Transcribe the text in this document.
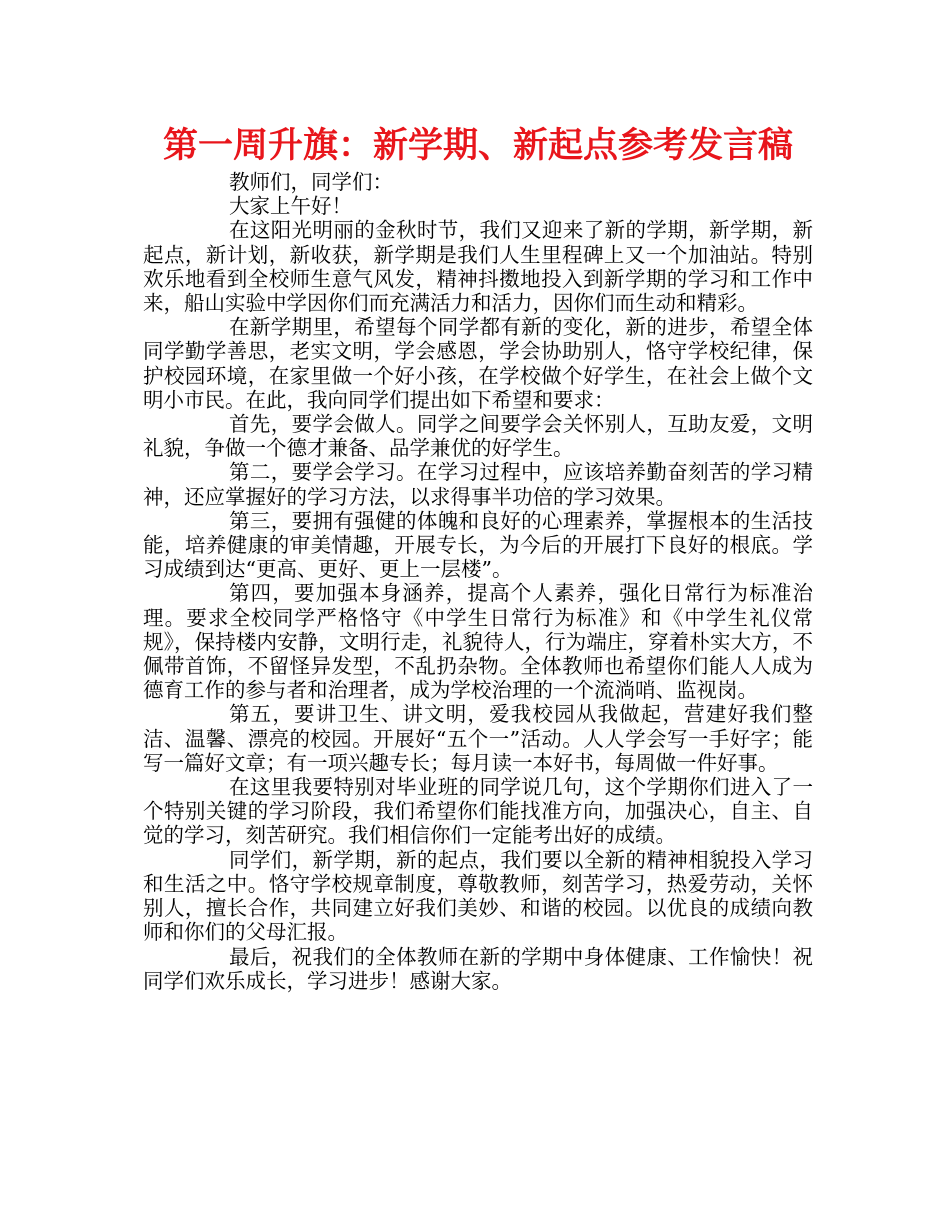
第一周升旗：新学期、新起点参考发言稿

教师们，同学们：

大家上午好！

在这阳光明丽的金秋时节，我们又迎来了新的学期，新学期，新起点，新计划，新收获，新学期是我们人生里程碑上又一个加油站。特别欢乐地看到全校师生意气风发，精神抖擞地投入到新学期的学习和工作中来，船山实验中学因你们而充满活力和活力，因你们而生动和精彩。

在新学期里，希望每个同学都有新的变化，新的进步，希望全体同学勤学善思，老实文明，学会感恩，学会协助别人，恪守学校纪律，保护校园环境，在家里做一个好小孩，在学校做个好学生，在社会上做个文明小市民。在此，我向同学们提出如下希望和要求：

首先，要学会做人。同学之间要学会关怀别人，互助友爱，文明礼貌，争做一个德才兼备、品学兼优的好学生。

第二，要学会学习。在学习过程中，应该培养勤奋刻苦的学习精神，还应掌握好的学习方法，以求得事半功倍的学习效果。

第三，要拥有强健的体魄和良好的心理素养，掌握根本的生活技能，培养健康的审美情趣，开展专长，为今后的开展打下良好的根底。学习成绩到达“更高、更好、更上一层楼”。

第四，要加强本身涵养，提高个人素养，强化日常行为标准治理。要求全校同学严格恪守《中学生日常行为标准》和《中学生礼仪常规》，保持楼内安静，文明行走，礼貌待人，行为端庄，穿着朴实大方，不佩带首饰，不留怪异发型，不乱扔杂物。全体教师也希望你们能人人成为德育工作的参与者和治理者，成为学校治理的一个流淌哨、监视岗。

第五，要讲卫生、讲文明，爱我校园从我做起，营建好我们整洁、温馨、漂亮的校园。开展好“五个一”活动。人人学会写一手好字；能写一篇好文章；有一项兴趣专长；每月读一本好书，每周做一件好事。

在这里我要特别对毕业班的同学说几句，这个学期你们进入了一个特别关键的学习阶段，我们希望你们能找准方向，加强决心，自主、自觉的学习，刻苦研究。我们相信你们一定能考出好的成绩。

同学们，新学期，新的起点，我们要以全新的精神相貌投入学习和生活之中。恪守学校规章制度，尊敬教师，刻苦学习，热爱劳动，关怀别人，擅长合作，共同建立好我们美妙、和谐的校园。以优良的成绩向教师和你们的父母汇报。

最后，祝我们的全体教师在新的学期中身体健康、工作愉快！祝同学们欢乐成长，学习进步！感谢大家。
